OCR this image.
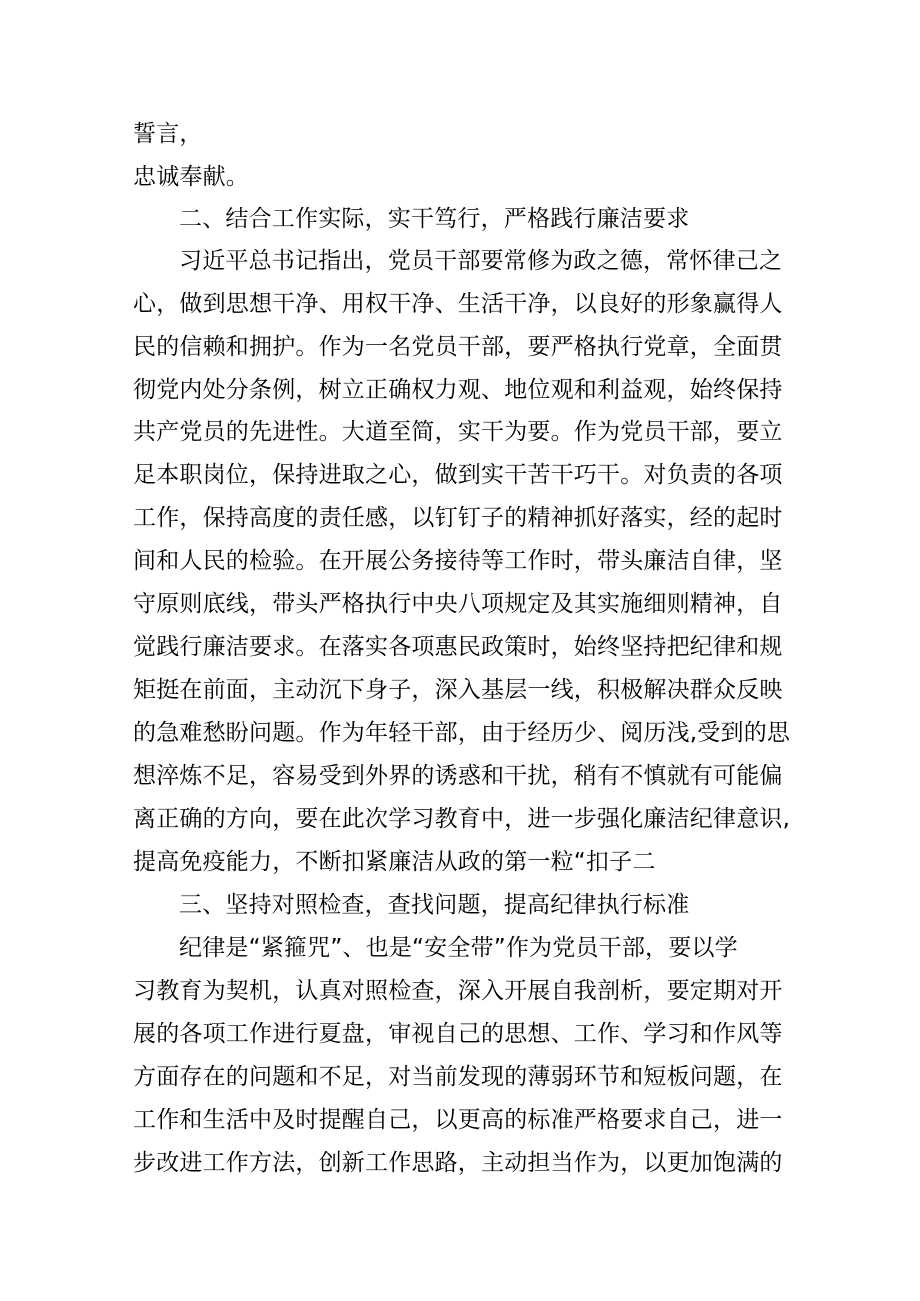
誓言，
忠诚奉献。
二、结合工作实际，实干笃行，严格践行廉洁要求
习近平总书记指出，党员干部要常修为政之德，常怀律己之
心，做到思想干净、用权干净、生活干净，以良好的形象赢得人
民的信赖和拥护。作为一名党员干部，要严格执行党章，全面贯
彻党内处分条例，树立正确权力观、地位观和利益观，始终保持
共产党员的先进性。大道至简，实干为要。作为党员干部，要立
足本职岗位，保持进取之心，做到实干苦干巧干。对负责的各项
工作，保持高度的责任感，以钉钉子的精神抓好落实，经的起时
间和人民的检验。在开展公务接待等工作时，带头廉洁自律，坚
守原则底线，带头严格执行中央八项规定及其实施细则精神，自
觉践行廉洁要求。在落实各项惠民政策时，始终坚持把纪律和规
矩挺在前面，主动沉下身子，深入基层一线，积极解决群众反映
的急难愁盼问题。作为年轻干部，由于经历少、阅历浅,受到的思
想淬炼不足，容易受到外界的诱惑和干扰，稍有不慎就有可能偏
离正确的方向，要在此次学习教育中，进一步强化廉洁纪律意识,
提高免疫能力，不断扣紧廉洁从政的第一粒“扣子二
三、坚持对照检查，查找问题，提高纪律执行标准
纪律是“紧箍咒”、也是“安全带”作为党员干部，要以学
习教育为契机，认真对照检查，深入开展自我剖析，要定期对开
展的各项工作进行夏盘，审视自己的思想、工作、学习和作风等
方面存在的问题和不足，对当前发现的薄弱环节和短板问题，在
工作和生活中及时提醒自己，以更高的标准严格要求自己，进一
步改进工作方法，创新工作思路，主动担当作为，以更加饱满的
